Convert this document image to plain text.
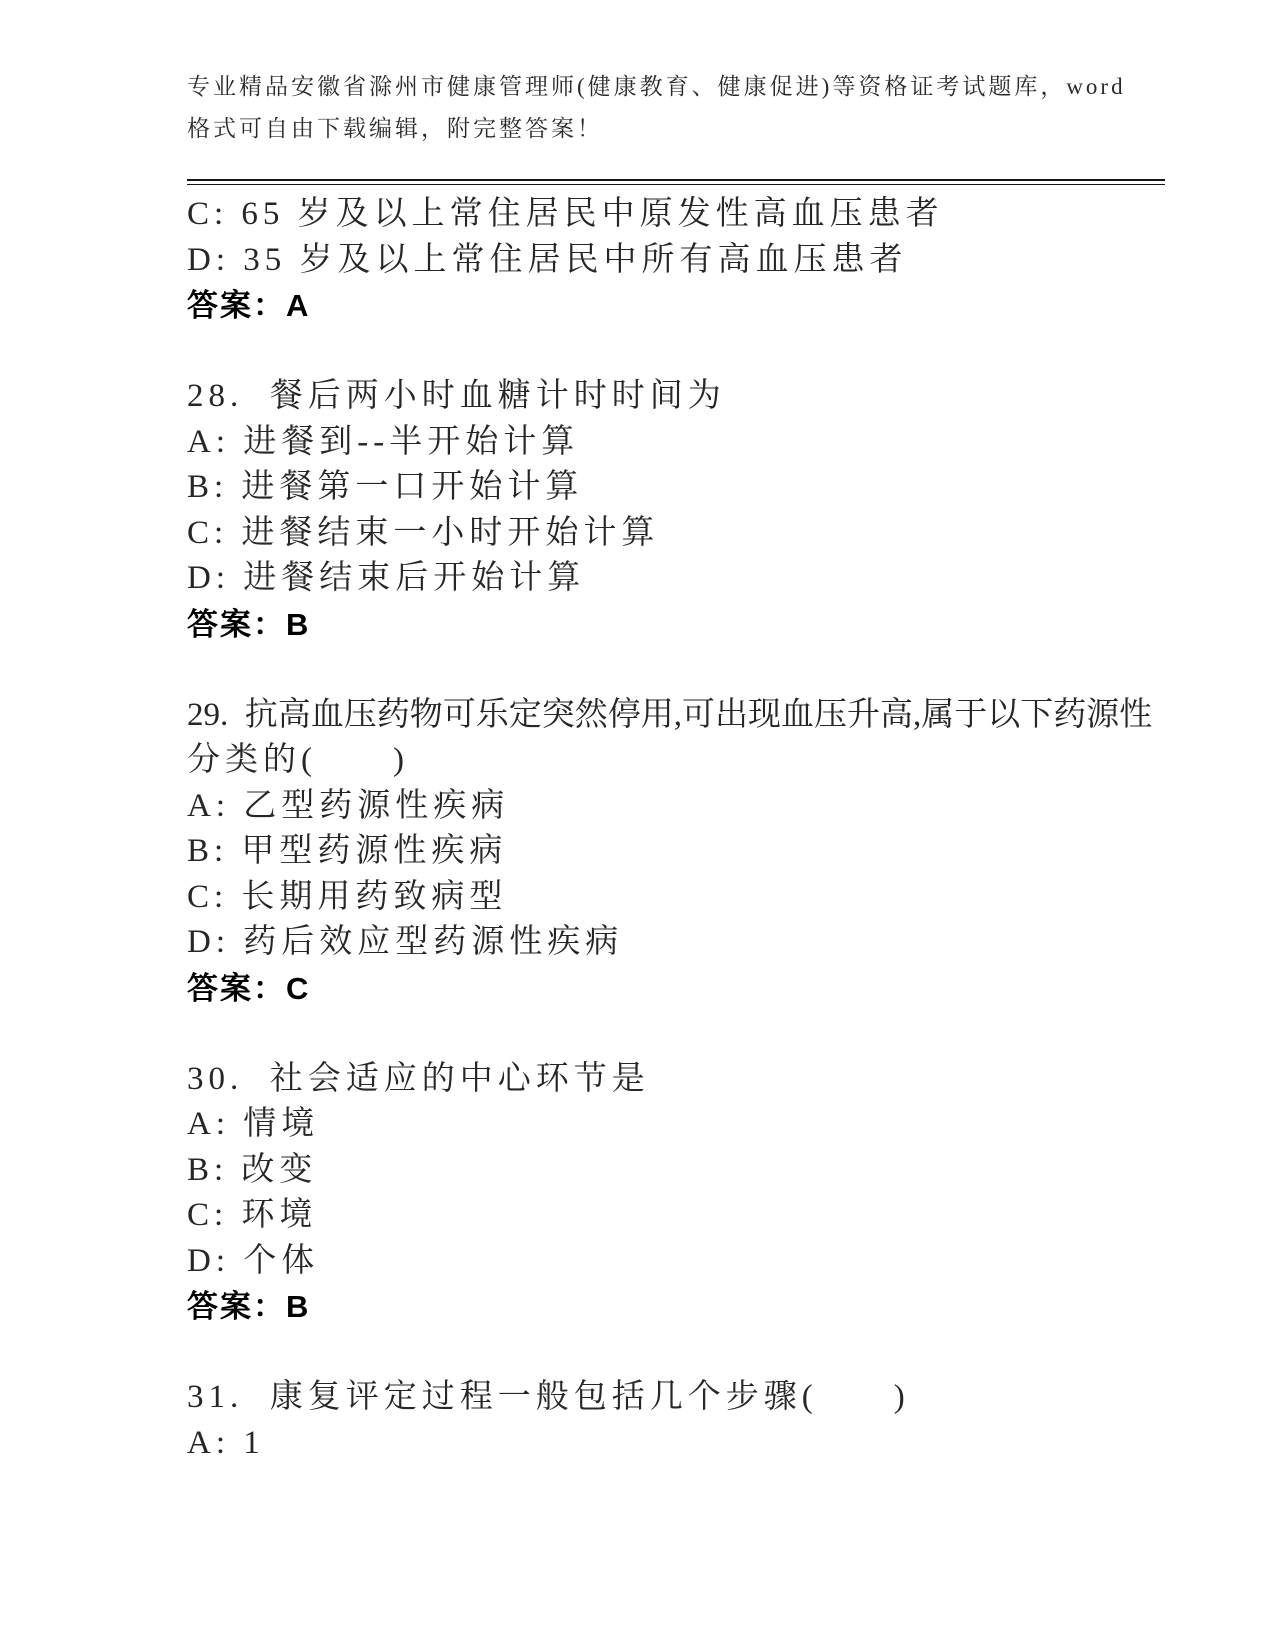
专业精品安徽省滁州市健康管理师(健康教育、健康促进)等资格证考试题库，word
格式可自由下载编辑，附完整答案！
C: 65 岁及以上常住居民中原发性高血压患者
D: 35 岁及以上常住居民中所有高血压患者
答案：A
28.  餐后两小时血糖计时时间为
A: 进餐到--半开始计算
B: 进餐第一口开始计算
C: 进餐结束一小时开始计算
D: 进餐结束后开始计算
答案：B
29.  抗高血压药物可乐定突然停用,可出现血压升高,属于以下药源性
分类的(　　)
A: 乙型药源性疾病
B: 甲型药源性疾病
C: 长期用药致病型
D: 药后效应型药源性疾病
答案：C
30.  社会适应的中心环节是
A: 情境
B: 改变
C: 环境
D: 个体
答案：B
31.  康复评定过程一般包括几个步骤(　　)
A: 1
